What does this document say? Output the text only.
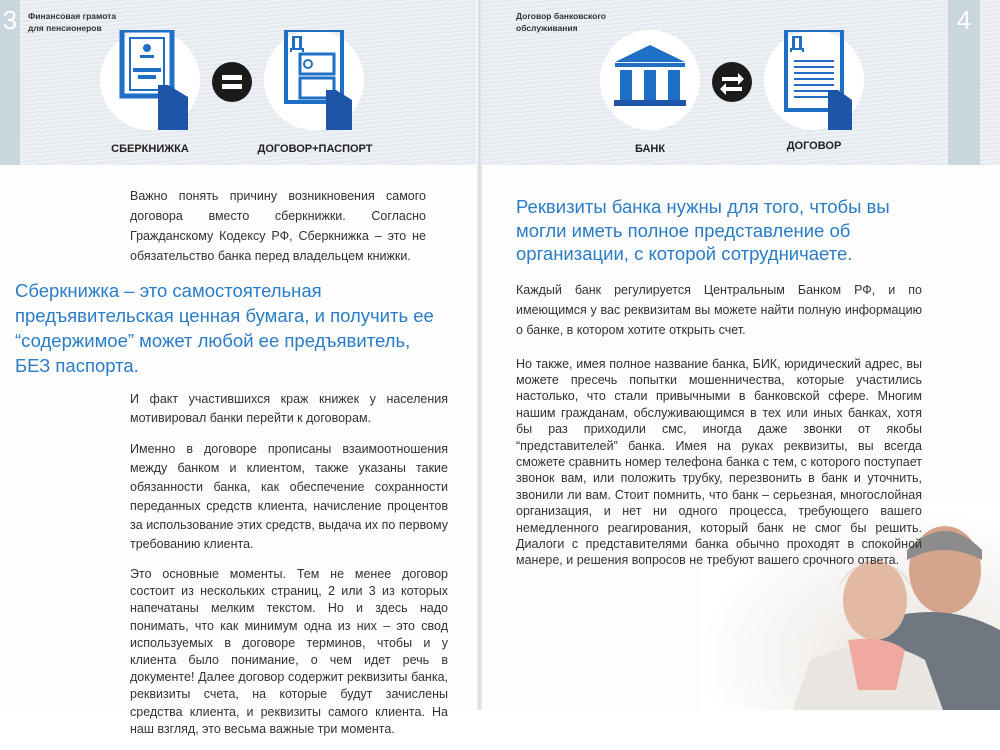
3	Финансовая грамота
для пенсионеров
СБЕРКНИЖКА	ДОГОВОР+ПАСПОРТ

Важно понять причину возникновения самого договора вместо сберкнижки. Согласно Гражданскому Кодексу РФ, Сберкнижка – это не обязательство банка перед владельцем книжки.

Сберкнижка – это самостоятельная предъявительская ценная бумага, и получить ее “содержимое” может любой ее предъявитель, БЕЗ паспорта.

И факт участившихся краж книжек у населения мотивировал банки перейти к договорам.

Именно в договоре прописаны взаимоотношения между банком и клиентом, также указаны такие обязанности банка, как обеспечение сохранности переданных средств клиента, начисление процентов за использование этих средств, выдача их по первому требованию клиента.

Это основные моменты. Тем не менее договор состоит из нескольких страниц, 2 или 3 из которых напечатаны мелким текстом. Но и здесь надо понимать, что как минимум одна из них – это свод используемых в договоре терминов, чтобы и у клиента было понимание, о чем идет речь в документе! Далее договор содержит реквизиты банка, реквизиты счета, на которые будут зачислены средства клиента, и реквизиты самого клиента. На наш взгляд, это весьма важные три момента.

4
Договор банковского
обслуживания
БАНК	ДОГОВОР

Реквизиты банка нужны для того, чтобы вы могли иметь полное представление об организации, с которой сотрудничаете.

Каждый банк регулируется Центральным Банком РФ, и по имеющимся у вас реквизитам вы можете найти полную информацию о банке, в котором хотите открыть счет.

Но также, имея полное название банка, БИК, юридический адрес, вы можете пресечь попытки мошенничества, которые участились настолько, что стали привычными в банковской сфере. Многим нашим гражданам, обслуживающимся в тех или иных банках, хотя бы раз приходили смс, иногда даже звонки от якобы “представителей” банка. Имея на руках реквизиты, вы всегда сможете сравнить номер телефона банка с тем, с которого поступает звонок вам, или положить трубку, перезвонить в банк и уточнить, звонили ли вам. Стоит помнить, что банк – серьезная, многослойная организация, и нет ни одного процесса, требующего вашего немедленного реагирования, который банк не смог бы решить. Диалоги с представителями банка обычно проходят в спокойной манере, и решения вопросов не требуют вашего срочного ответа.
